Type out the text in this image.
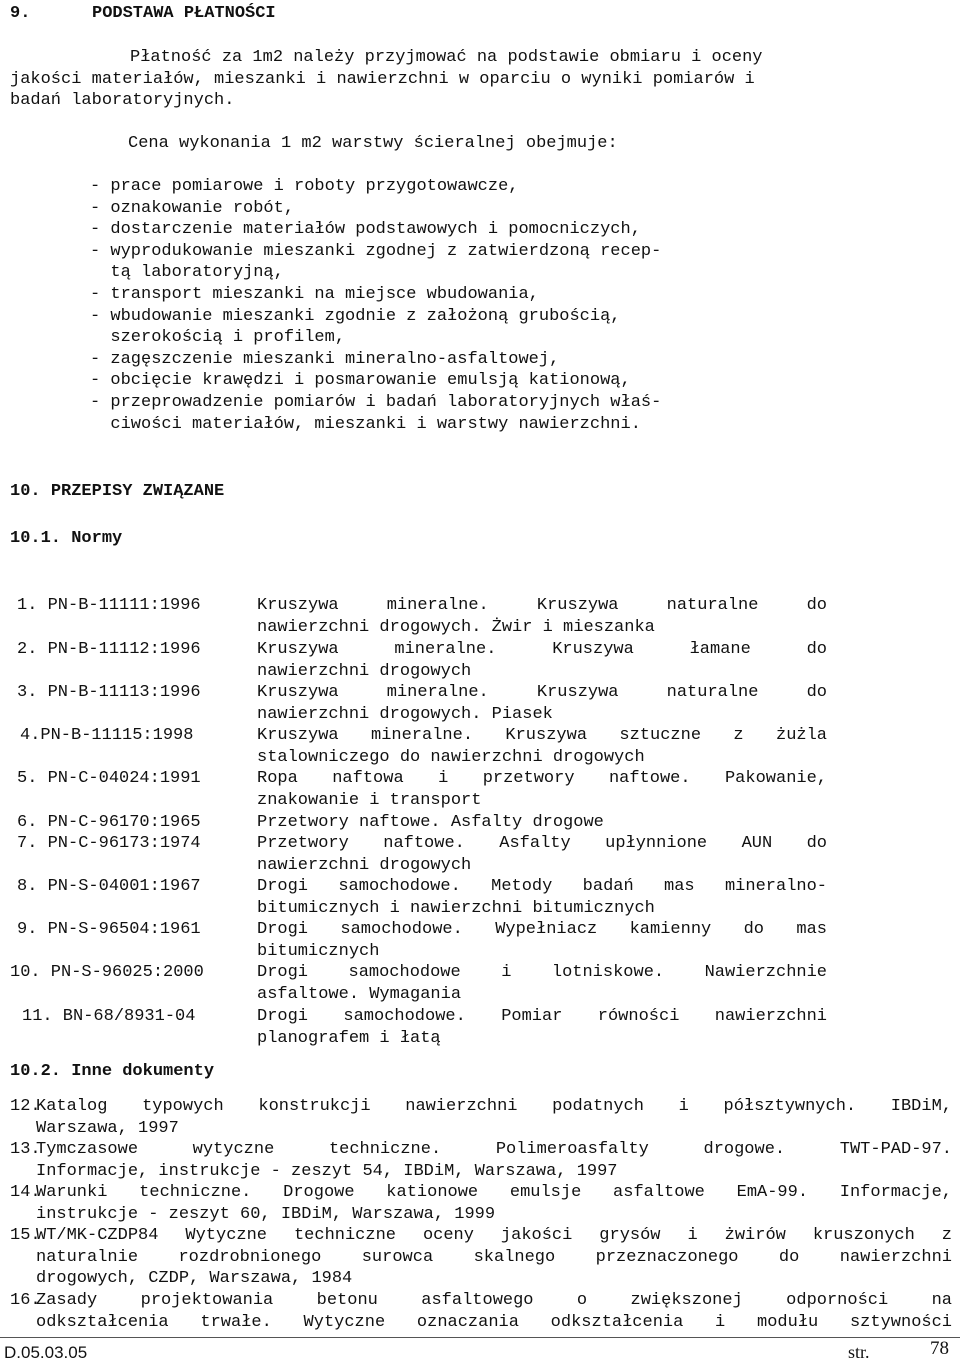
9.	PODSTAWA PŁATNOŚCI
Płatność za 1m2 należy przyjmować na podstawie obmiaru i oceny
jakości materiałów, mieszanki i nawierzchni w oparciu o wyniki pomiarów i
badań laboratoryjnych.
Cena wykonania 1 m2 warstwy ścieralnej obejmuje:
- prace pomiarowe i roboty przygotowawcze,
- oznakowanie robót,
- dostarczenie materiałów podstawowych i pomocniczych,
- wyprodukowanie mieszanki zgodnej z zatwierdzoną recep-
tą laboratoryjną,
- transport mieszanki na miejsce wbudowania,
- wbudowanie mieszanki zgodnie z założoną grubością,
szerokością i profilem,
- zagęszczenie mieszanki mineralno-asfaltowej,
- obcięcie krawędzi i posmarowanie emulsją kationową,
- przeprowadzenie pomiarów i badań laboratoryjnych właś-
ciwości materiałów, mieszanki i warstwy nawierzchni.
10. PRZEPISY ZWIĄZANE
10.1. Normy
1. PN-B-11111:1996	Kruszywa mineralne. Kruszywa naturalne do
nawierzchni drogowych. Żwir i mieszanka
2. PN-B-11112:1996	Kruszywa mineralne. Kruszywa łamane do
nawierzchni drogowych
3. PN-B-11113:1996	Kruszywa mineralne. Kruszywa naturalne do
nawierzchni drogowych. Piasek
4.PN-B-11115:1998	Kruszywa mineralne. Kruszywa sztuczne z żużla
stalowniczego do nawierzchni drogowych
5. PN-C-04024:1991	Ropa naftowa i przetwory naftowe. Pakowanie,
znakowanie i transport
6. PN-C-96170:1965	Przetwory naftowe. Asfalty drogowe
7. PN-C-96173:1974	Przetwory naftowe. Asfalty upłynnione AUN do
nawierzchni drogowych
8. PN-S-04001:1967	Drogi samochodowe. Metody badań mas mineralno-
bitumicznych i nawierzchni bitumicznych
9. PN-S-96504:1961	Drogi samochodowe. Wypełniacz kamienny do mas
bitumicznych
10. PN-S-96025:2000	Drogi samochodowe i lotniskowe. Nawierzchnie
asfaltowe. Wymagania
11. BN-68/8931-04	Drogi samochodowe. Pomiar równości nawierzchni
planografem i łatą
10.2. Inne dokumenty
12.
Katalog typowych konstrukcji nawierzchni podatnych i półsztywnych. IBDiM,
Warszawa, 1997
13.
Tymczasowe wytyczne techniczne. Polimeroasfalty drogowe. TWT-PAD-97.
Informacje, instrukcje - zeszyt 54, IBDiM, Warszawa, 1997
14.
Warunki techniczne. Drogowe kationowe emulsje asfaltowe EmA-99. Informacje,
instrukcje - zeszyt 60, IBDiM, Warszawa, 1999
15.
WT/MK-CZDP84 Wytyczne techniczne oceny jakości grysów i żwirów kruszonych z
naturalnie rozdrobnionego surowca skalnego przeznaczonego do nawierzchni
drogowych, CZDP, Warszawa, 1984
16.
Zasady projektowania betonu asfaltowego o zwiększonej odporności na
odkształcenia trwałe. Wytyczne oznaczania odkształcenia i modułu sztywności
D.05.03.05	str.	78
